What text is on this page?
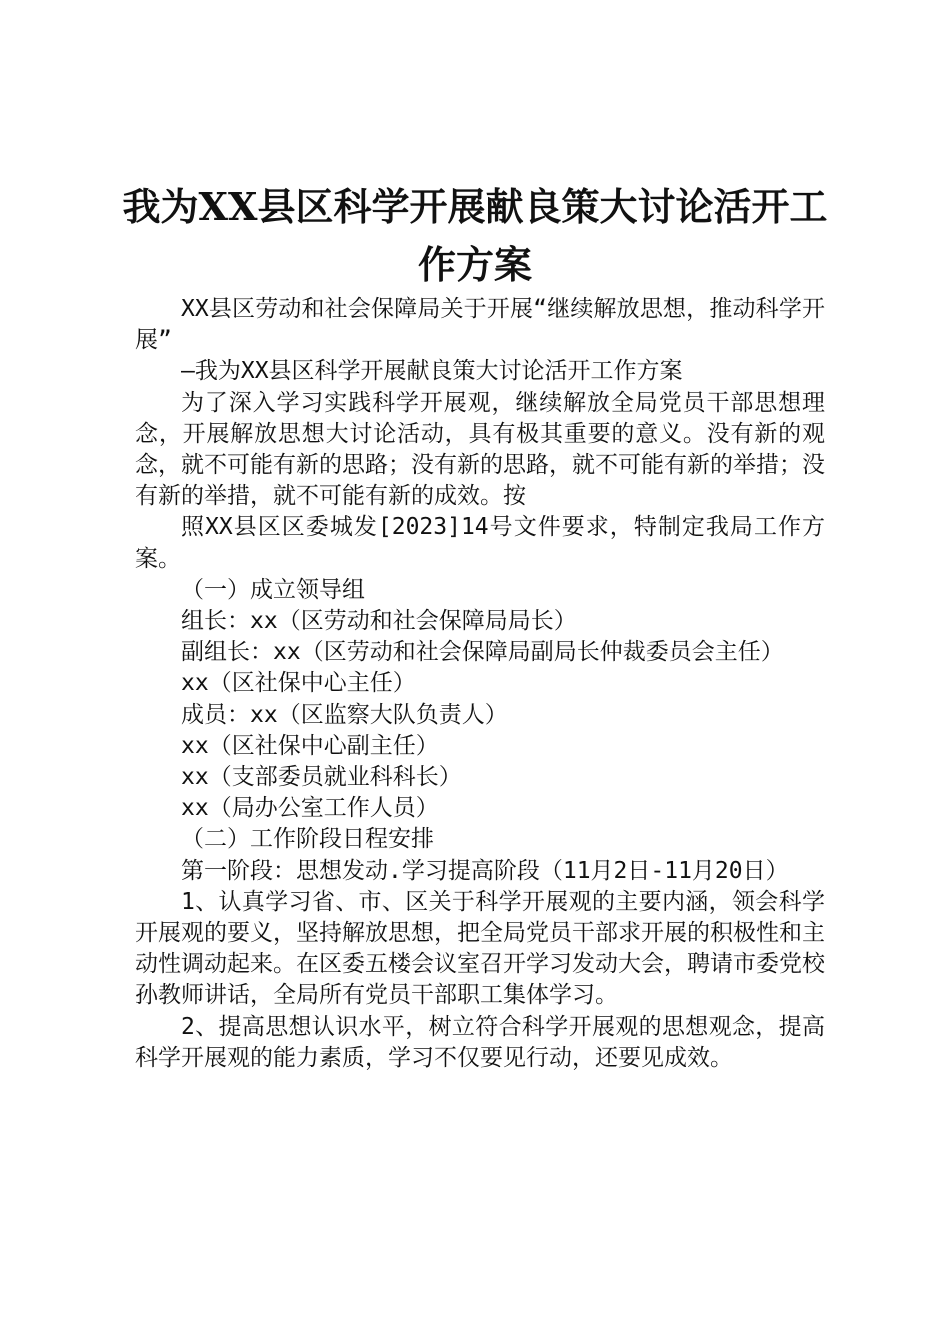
我为XX县区科学开展献良策大讨论活开工
作方案

XX县区劳动和社会保障局关于开展“继续解放思想，推动科学开展”

—我为XX县区科学开展献良策大讨论活开工作方案

为了深入学习实践科学开展观，继续解放全局党员干部思想理念，开展解放思想大讨论活动，具有极其重要的意义。没有新的观念，就不可能有新的思路；没有新的思路，就不可能有新的举措；没有新的举措，就不可能有新的成效。按

照XX县区区委城发[2023]14号文件要求，特制定我局工作方案。

（一）成立领导组

组长：xx（区劳动和社会保障局局长）

副组长：xx（区劳动和社会保障局副局长仲裁委员会主任）

xx（区社保中心主任）

成员：xx（区监察大队负责人）

xx（区社保中心副主任）

xx（支部委员就业科科长）

xx（局办公室工作人员）

（二）工作阶段日程安排

第一阶段：思想发动.学习提高阶段（11月2日-11月20日）

1、认真学习省、市、区关于科学开展观的主要内涵，领会科学开展观的要义，坚持解放思想，把全局党员干部求开展的积极性和主动性调动起来。在区委五楼会议室召开学习发动大会，聘请市委党校孙教师讲话，全局所有党员干部职工集体学习。

2、提高思想认识水平，树立符合科学开展观的思想观念，提高科学开展观的能力素质，学习不仅要见行动，还要见成效。
